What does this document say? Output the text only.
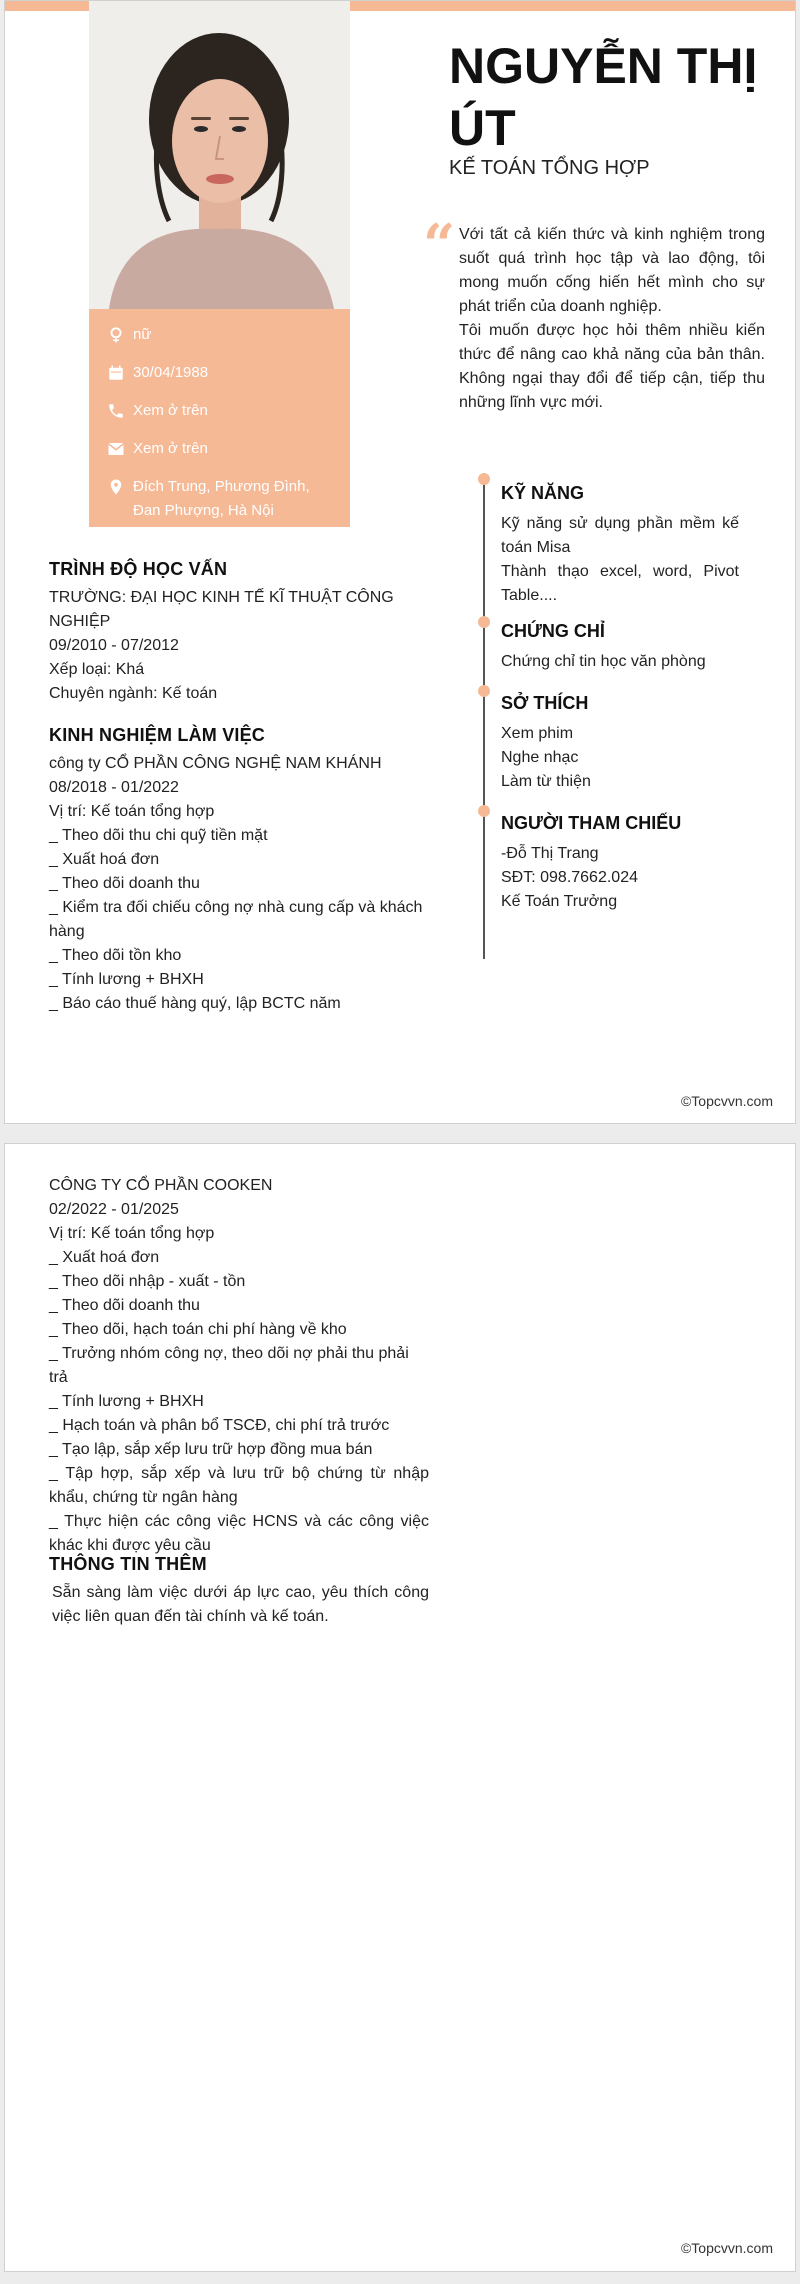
nữ
30/04/1988
Xem ở trên
Xem ở trên
Đích Trung, Phương Đình, Đan Phượng, Hà Nội
NGUYỄN THỊ ÚT
KẾ TOÁN TỔNG HỢP
“ Với tất cả kiến thức và kinh nghiệm trong suốt quá trình học tập và lao động, tôi mong muốn cống hiến hết mình cho sự phát triển của doanh nghiệp.

Tôi muốn được học hỏi thêm nhiều kiến thức để nâng cao khả năng của bản thân. Không ngại thay đổi để tiếp cận, tiếp thu những lĩnh vực mới.

KỸ NĂNG
Kỹ năng sử dụng phần mềm kế toán Misa
Thành thạo excel, word, Pivot Table....
CHỨNG CHỈ
Chứng chỉ tin học văn phòng
SỞ THÍCH
Xem phim
Nghe nhạc
Làm từ thiện
NGƯỜI THAM CHIẾU
-Đỗ Thị Trang
SĐT: 098.7662.024
Kế Toán Trưởng
TRÌNH ĐỘ HỌC VẤN
TRƯỜNG: ĐẠI HỌC KINH TẾ KĨ THUẬT CÔNG NGHIỆP
09/2010 - 07/2012
Xếp loại: Khá
Chuyên ngành: Kế toán
KINH NGHIỆM LÀM VIỆC
công ty CỔ PHẦN CÔNG NGHỆ NAM KHÁNH
08/2018 - 01/2022
Vị trí: Kế toán tổng hợp
_ Theo dõi thu chi quỹ tiền mặt
_ Xuất hoá đơn
_ Theo dõi doanh thu
_ Kiểm tra đối chiếu công nợ nhà cung cấp và khách hàng
_ Theo dõi tồn kho
_ Tính lương + BHXH
_ Báo cáo thuế hàng quý, lập BCTC năm
©Topcvvn.com
CÔNG TY CỔ PHẦN COOKEN
02/2022 - 01/2025
Vị trí: Kế toán tổng hợp
_ Xuất hoá đơn
_ Theo dõi nhập - xuất - tồn
_ Theo dõi doanh thu
_ Theo dõi, hạch toán chi phí hàng về kho
_ Trưởng nhóm công nợ, theo dõi nợ phải thu phải trả
_ Tính lương + BHXH
_ Hạch toán và phân bổ TSCĐ, chi phí trả trước
_ Tạo lập, sắp xếp lưu trữ hợp đồng mua bán
_ Tập hợp, sắp xếp và lưu trữ bộ chứng từ nhập khẩu, chứng từ ngân hàng
_ Thực hiện các công việc HCNS và các công việc khác khi được yêu cầu
THÔNG TIN THÊM
Sẵn sàng làm việc dưới áp lực cao, yêu thích công việc liên quan đến tài chính và kế toán.
©Topcvvn.com
